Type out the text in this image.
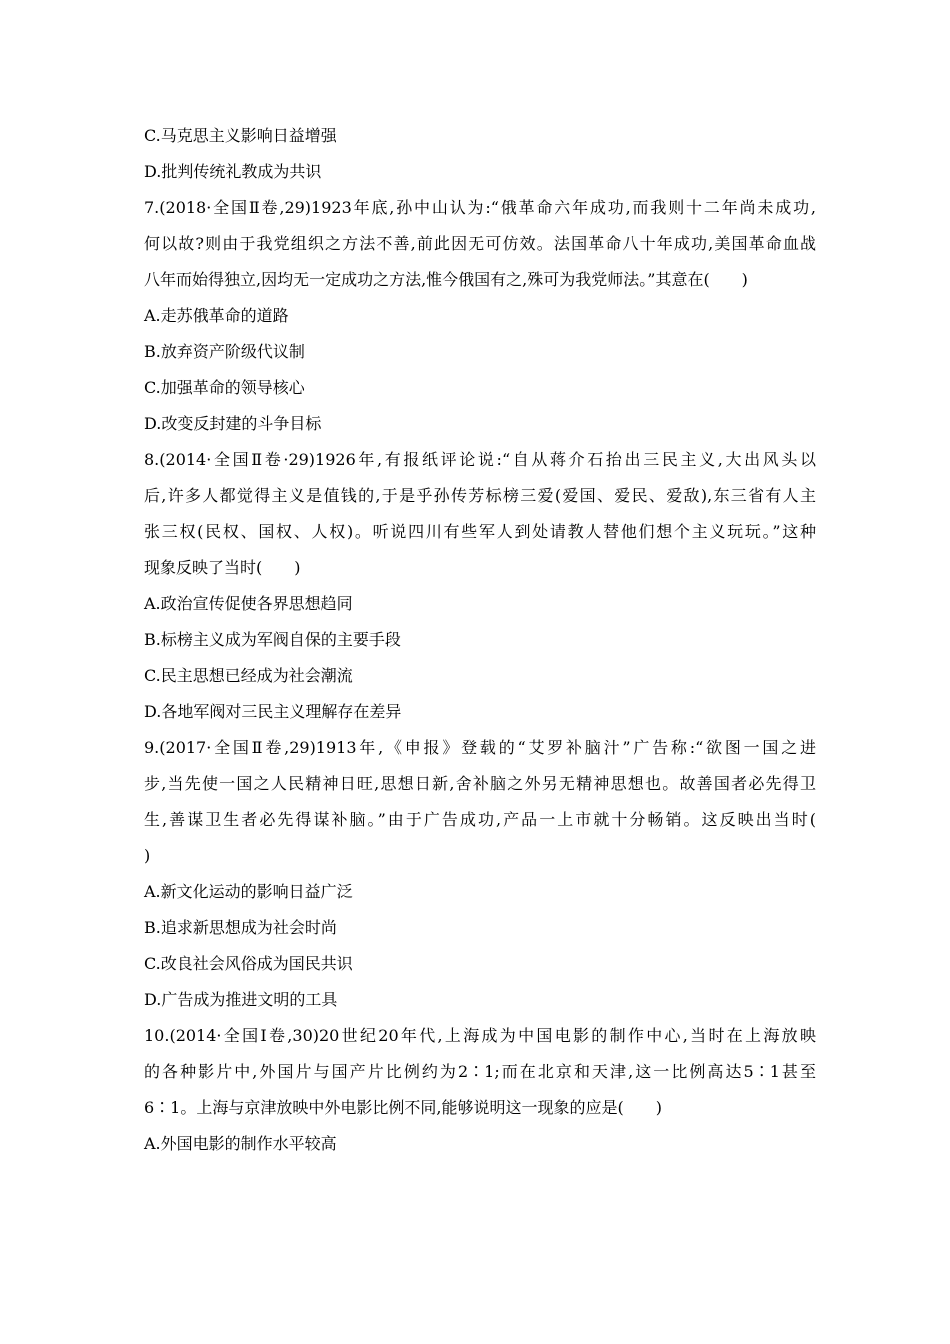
C.马克思主义影响日益增强
D.批判传统礼教成为共识
7.(2018·全国Ⅱ卷,29)1923年底,孙中山认为:“俄革命六年成功,而我则十二年尚未成功,
何以故?则由于我党组织之方法不善,前此因无可仿效。法国革命八十年成功,美国革命血战
八年而始得独立,因均无一定成功之方法,惟今俄国有之,殊可为我党师法。”其意在(　　)
A.走苏俄革命的道路
B.放弃资产阶级代议制
C.加强革命的领导核心
D.改变反封建的斗争目标
8.(2014·全国Ⅱ卷·29)1926年,有报纸评论说:“自从蒋介石抬出三民主义,大出风头以
后,许多人都觉得主义是值钱的,于是乎孙传芳标榜三爱(爱国、爱民、爱敌),东三省有人主
张三权(民权、国权、人权)。听说四川有些军人到处请教人替他们想个主义玩玩。”这种
现象反映了当时(　　)
A.政治宣传促使各界思想趋同
B.标榜主义成为军阀自保的主要手段
C.民主思想已经成为社会潮流
D.各地军阀对三民主义理解存在差异
9.(2017·全国Ⅱ卷,29)1913年,《申报》登载的“艾罗补脑汁”广告称:“欲图一国之进
步,当先使一国之人民精神日旺,思想日新,舍补脑之外另无精神思想也。故善国者必先得卫
生,善谋卫生者必先得谋补脑。”由于广告成功,产品一上市就十分畅销。这反映出当时(
)
A.新文化运动的影响日益广泛
B.追求新思想成为社会时尚
C.改良社会风俗成为国民共识
D.广告成为推进文明的工具
10.(2014·全国Ⅰ卷,30)20世纪20年代,上海成为中国电影的制作中心,当时在上海放映
的各种影片中,外国片与国产片比例约为2∶1;而在北京和天津,这一比例高达5∶1甚至
6∶1。上海与京津放映中外电影比例不同,能够说明这一现象的应是(　　)
A.外国电影的制作水平较高
